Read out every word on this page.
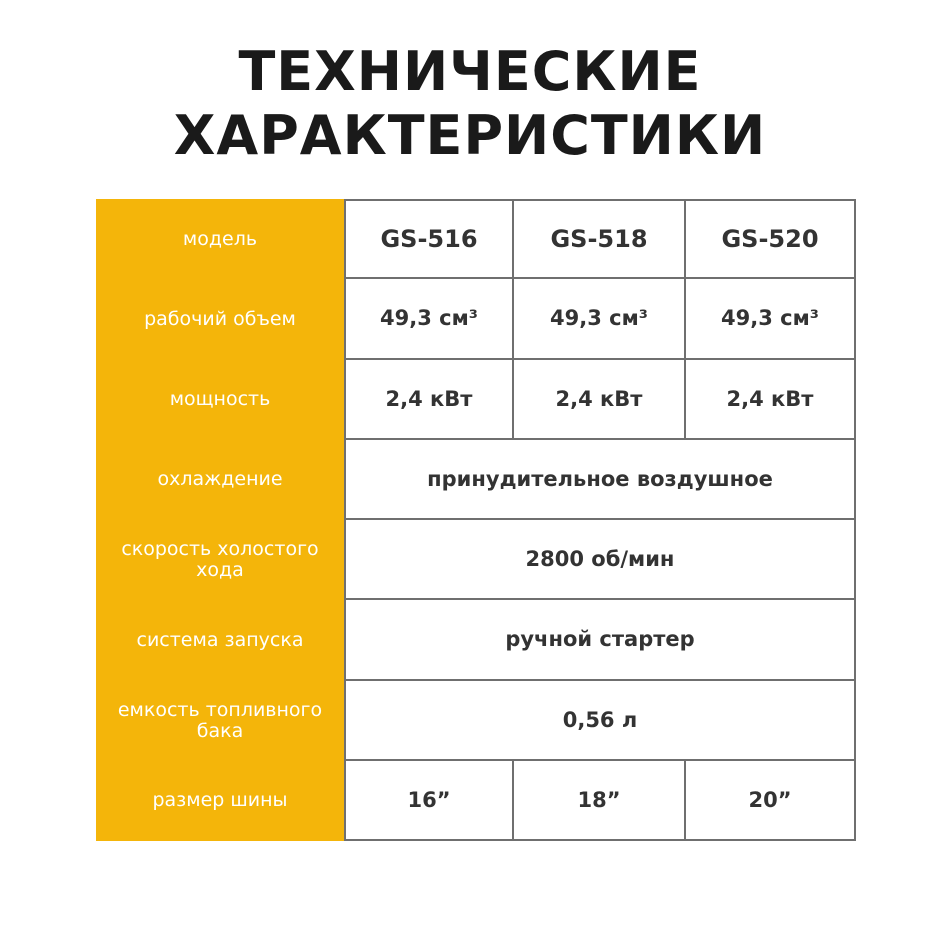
ТЕХНИЧЕСКИЕ
ХАРАКТЕРИСТИКИ
модель	GS-516	GS-518	GS-520
рабочий объем	49,3 см³	49,3 см³	49,3 см³
мощность	2,4 кВт	2,4 кВт	2,4 кВт
охлаждение	принудительное воздушное
скорость холостого хода	2800 об/мин
система запуска	ручной стартер
емкость топливного бака	0,56 л
размер шины	16”	18”	20”
